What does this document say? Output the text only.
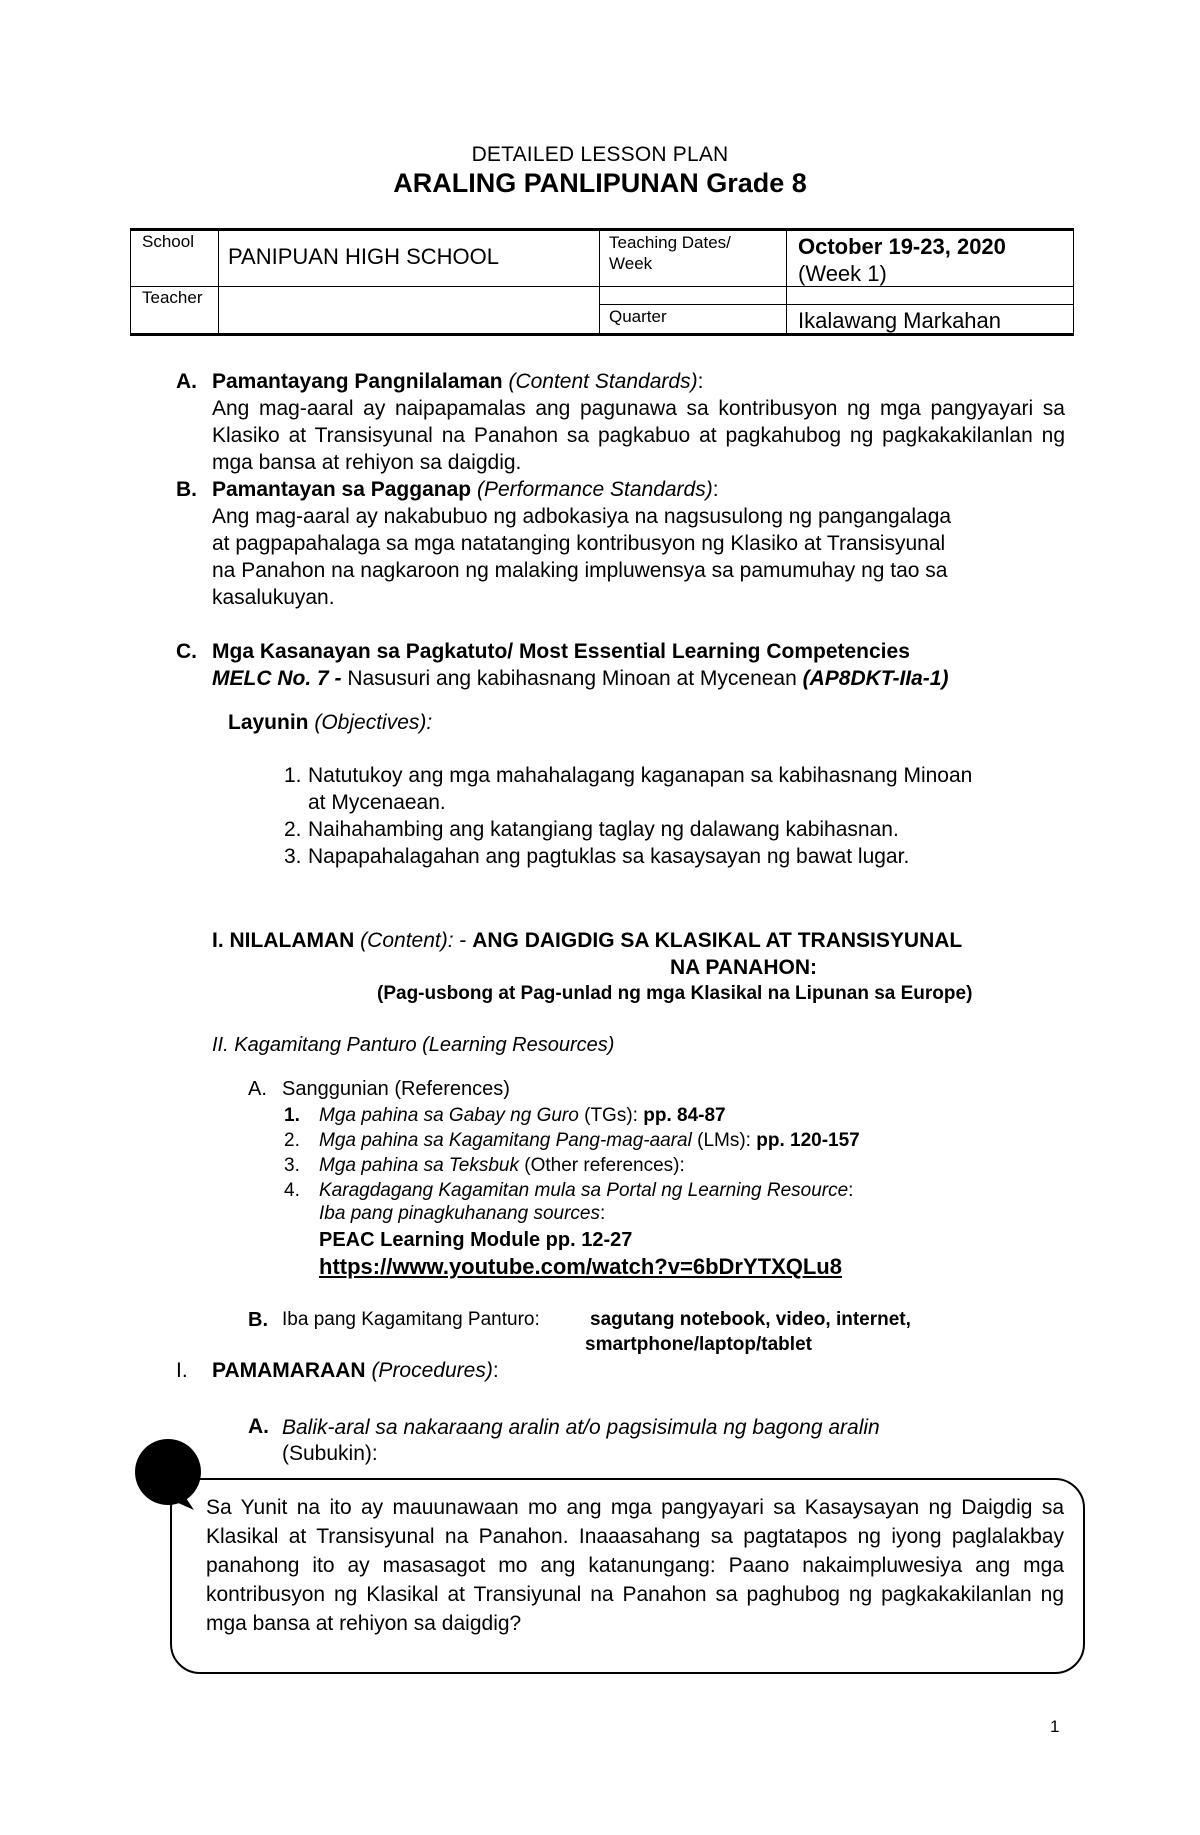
DETAILED LESSON PLAN
ARALING PANLIPUNAN Grade 8
School
PANIPUAN HIGH SCHOOL
Teacher
Teaching Dates/
Week
October 19-23, 2020
(Week 1)
Quarter	Ikalawang Markahan
A. Pamantayang Pangnilalaman (Content Standards):
Ang mag-aaral ay naipapamalas ang pagunawa sa kontribusyon ng mga pangyayari sa Klasiko at Transisyunal na Panahon sa pagkabuo at pagkahubog ng pagkakakilanlan ng mga bansa at rehiyon sa daigdig.
B. Pamantayan sa Pagganap (Performance Standards):
Ang mag-aaral ay nakabubuo ng adbokasiya na nagsusulong ng pangangalaga
at pagpapahalaga sa mga natatanging kontribusyon ng Klasiko at Transisyunal
na Panahon na nagkaroon ng malaking impluwensya sa pamumuhay ng tao sa
kasalukuyan.
C. Mga Kasanayan sa Pagkatuto/ Most Essential Learning Competencies
MELC No. 7 - Nasusuri ang kabihasnang Minoan at Mycenean (AP8DKT-IIa-1)
Layunin (Objectives):
1. Natutukoy ang mga mahahalagang kaganapan sa kabihasnang Minoan
at Mycenaean.
2. Naihahambing ang katangiang taglay ng dalawang kabihasnan.
3. Napapahalagahan ang pagtuklas sa kasaysayan ng bawat lugar.
I. NILALAMAN (Content): - ANG DAIGDIG SA KLASIKAL AT TRANSISYUNAL
NA PANAHON:
(Pag-usbong at Pag-unlad ng mga Klasikal na Lipunan sa Europe)
II. Kagamitang Panturo (Learning Resources)
A. Sanggunian (References)
1. Mga pahina sa Gabay ng Guro (TGs): pp. 84-87
2. Mga pahina sa Kagamitang Pang-mag-aaral (LMs): pp. 120-157
3. Mga pahina sa Teksbuk (Other references):
4. Karagdagang Kagamitan mula sa Portal ng Learning Resource:
Iba pang pinagkuhanang sources:
PEAC Learning Module pp. 12-27
https://www.youtube.com/watch?v=6bDrYTXQLu8
B. Iba pang Kagamitang Panturo:	sagutang notebook, video, internet,
smartphone/laptop/tablet
I. PAMAMARAAN (Procedures):
A. Balik-aral sa nakaraang aralin at/o pagsisimula ng bagong aralin
(Subukin):
Sa Yunit na ito ay mauunawaan mo ang mga pangyayari sa Kasaysayan ng Daigdig sa Klasikal at Transisyunal na Panahon. Inaaasahang sa pagtatapos ng iyong paglalakbay panahong ito ay masasagot mo ang katanungang: Paano nakaimpluwesiya ang mga kontribusyon ng Klasikal at Transiyunal na Panahon sa paghubog ng pagkakakilanlan ng mga bansa at rehiyon sa daigdig?
1
